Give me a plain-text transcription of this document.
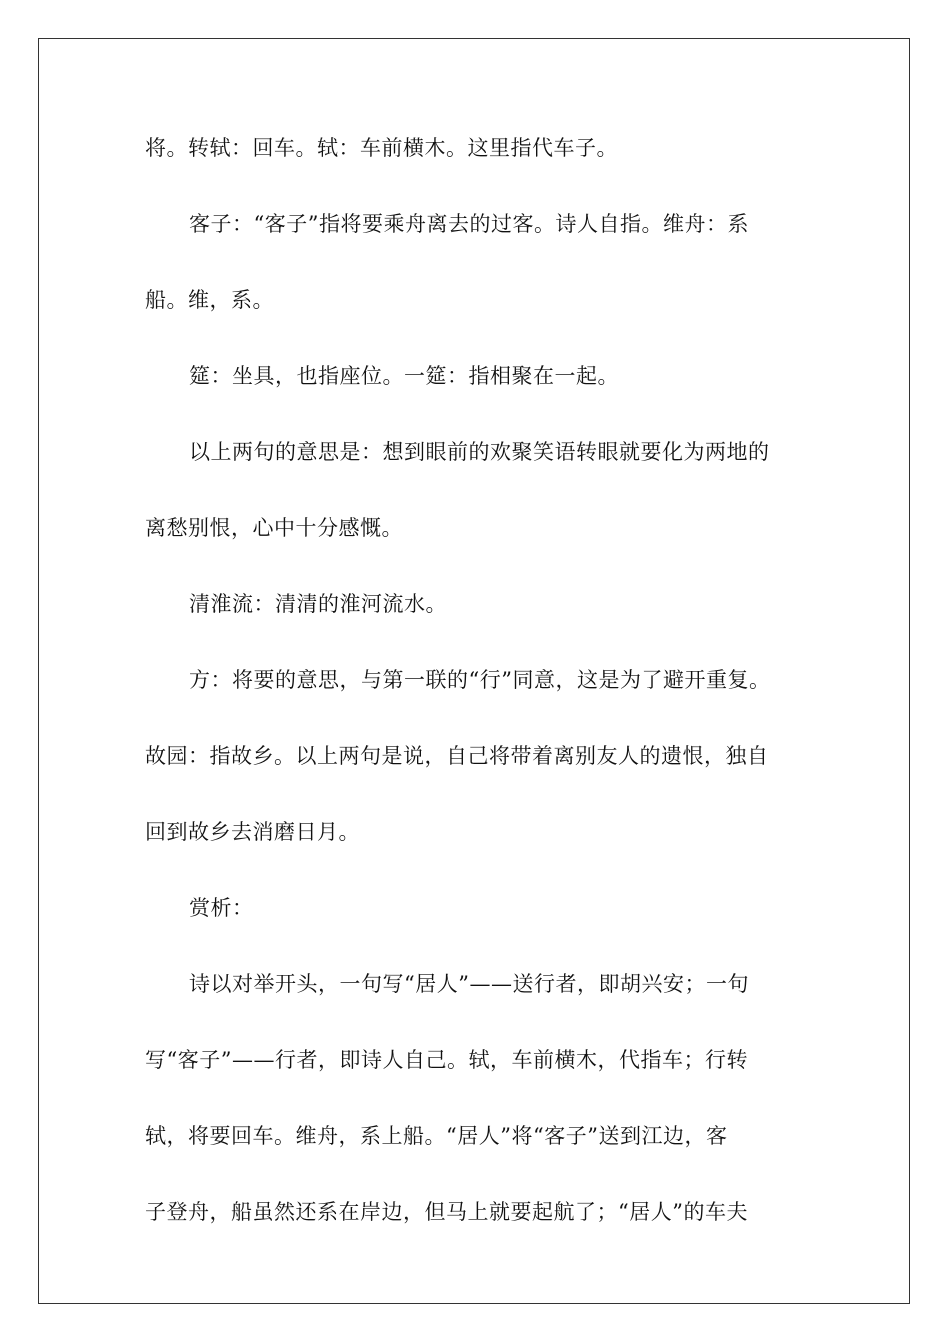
将。转轼：回车。轼：车前横木。这里指代车子。
客子：“客子”指将要乘舟离去的过客。诗人自指。维舟：系
船。维，系。
筵：坐具，也指座位。一筵：指相聚在一起。
以上两句的意思是：想到眼前的欢聚笑语转眼就要化为两地的
离愁别恨，心中十分感慨。
清淮流：清清的淮河流水。
方：将要的意思，与第一联的“行”同意，这是为了避开重复。
故园：指故乡。以上两句是说，自己将带着离别友人的遗恨，独自
回到故乡去消磨日月。
赏析：
诗以对举开头，一句写“居人”——送行者，即胡兴安；一句
写“客子”——行者，即诗人自己。轼，车前横木，代指车；行转
轼，将要回车。维舟，系上船。“居人”将“客子”送到江边，客
子登舟，船虽然还系在岸边，但马上就要起航了；“居人”的车夫
